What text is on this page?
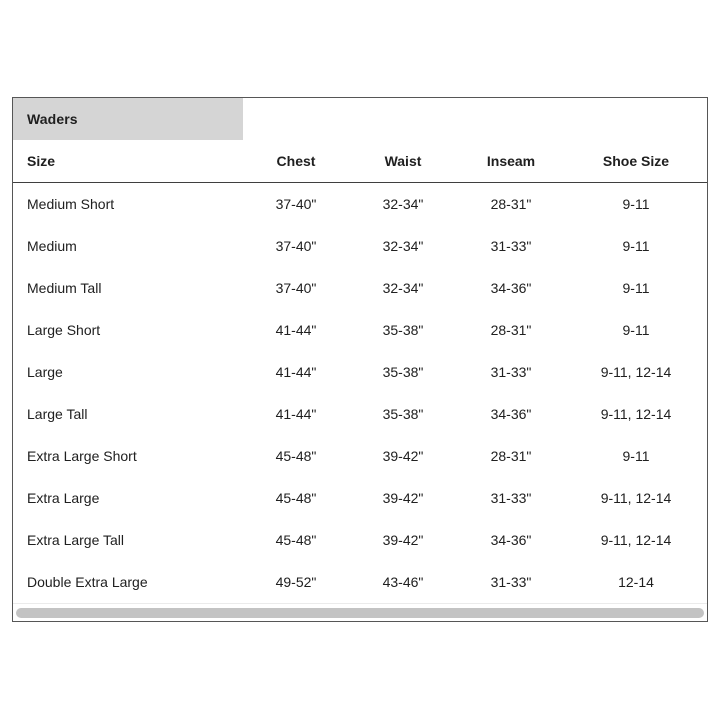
Waders
Size	Chest	Waist	Inseam	Shoe Size
Medium Short	37-40"	32-34"	28-31"	9-11
Medium	37-40"	32-34"	31-33"	9-11
Medium Tall	37-40"	32-34"	34-36"	9-11
Large Short	41-44"	35-38"	28-31"	9-11
Large	41-44"	35-38"	31-33"	9-11, 12-14
Large Tall	41-44"	35-38"	34-36"	9-11, 12-14
Extra Large Short	45-48"	39-42"	28-31"	9-11
Extra Large	45-48"	39-42"	31-33"	9-11, 12-14
Extra Large Tall	45-48"	39-42"	34-36"	9-11, 12-14
Double Extra Large	49-52"	43-46"	31-33"	12-14
